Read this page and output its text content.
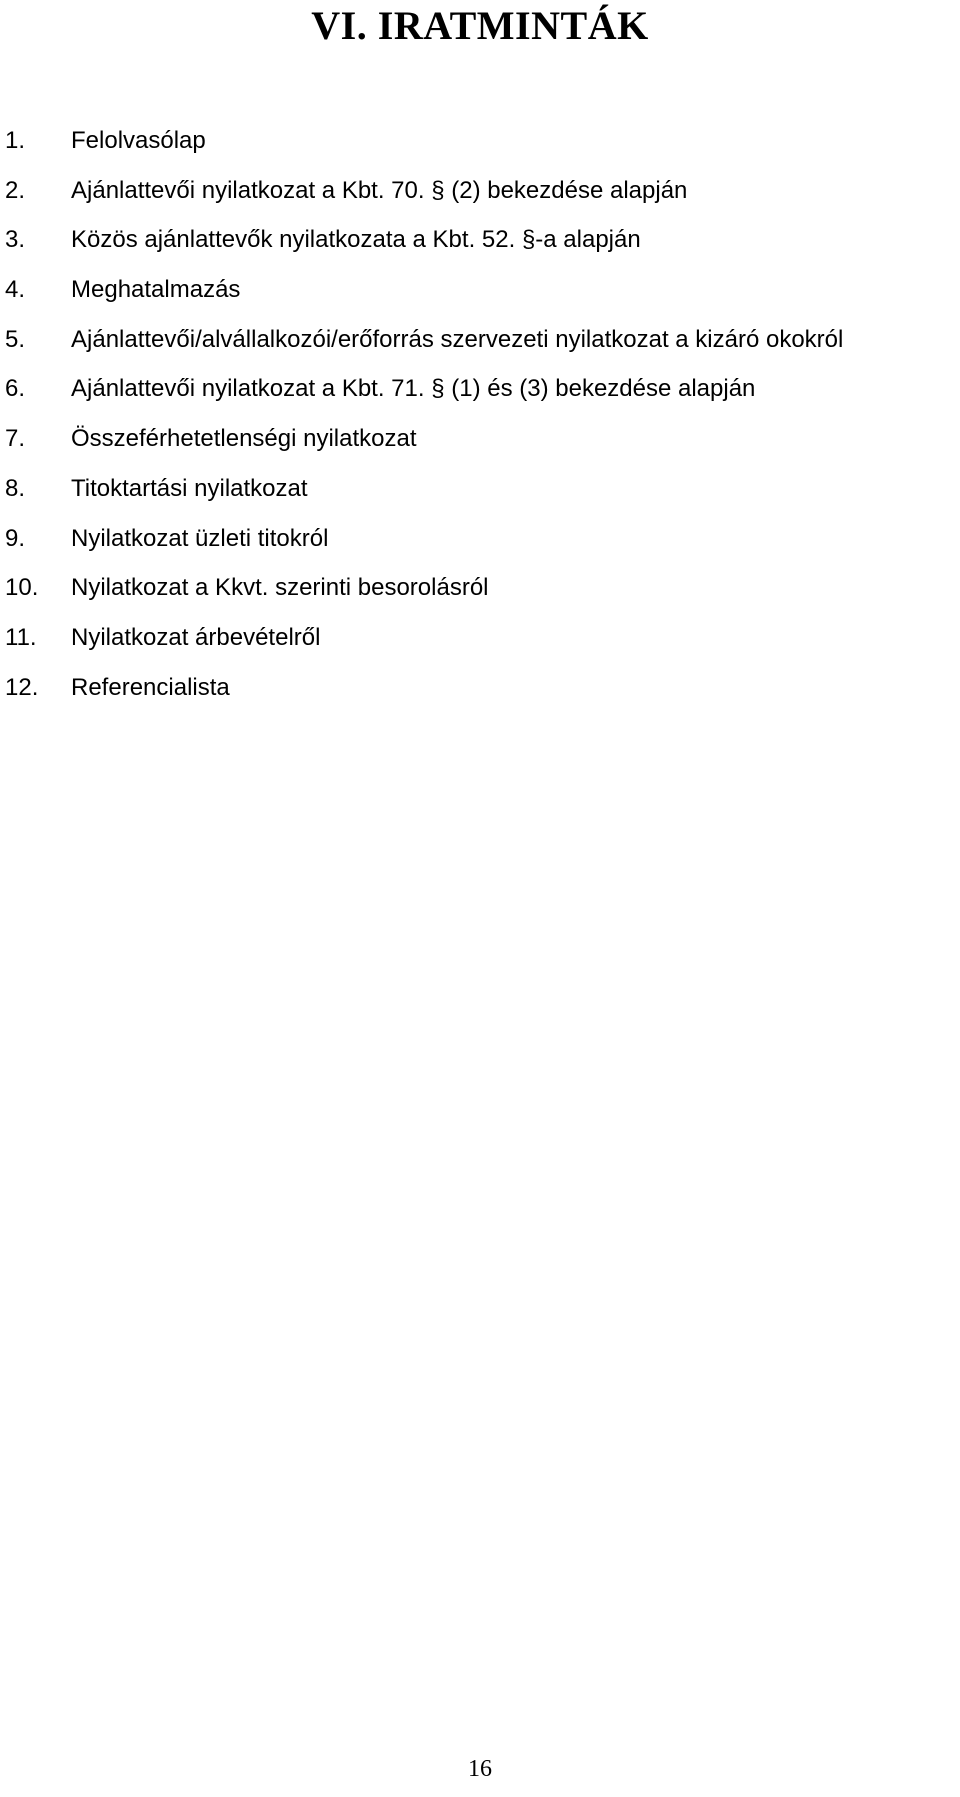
VI. IRATMINTÁK
1.	Felolvasólap
2.	Ajánlattevői nyilatkozat a Kbt. 70. § (2) bekezdése alapján
3.	Közös ajánlattevők nyilatkozata a Kbt. 52. §-a alapján
4.	Meghatalmazás
5.	Ajánlattevői/alvállalkozói/erőforrás szervezeti nyilatkozat a kizáró okokról
6.	Ajánlattevői nyilatkozat a Kbt. 71. § (1) és (3) bekezdése alapján
7.	Összeférhetetlenségi nyilatkozat
8.	Titoktartási nyilatkozat
9.	Nyilatkozat üzleti titokról
10.	Nyilatkozat a Kkvt. szerinti besorolásról
11.	Nyilatkozat árbevételről
12.	Referencialista
16
